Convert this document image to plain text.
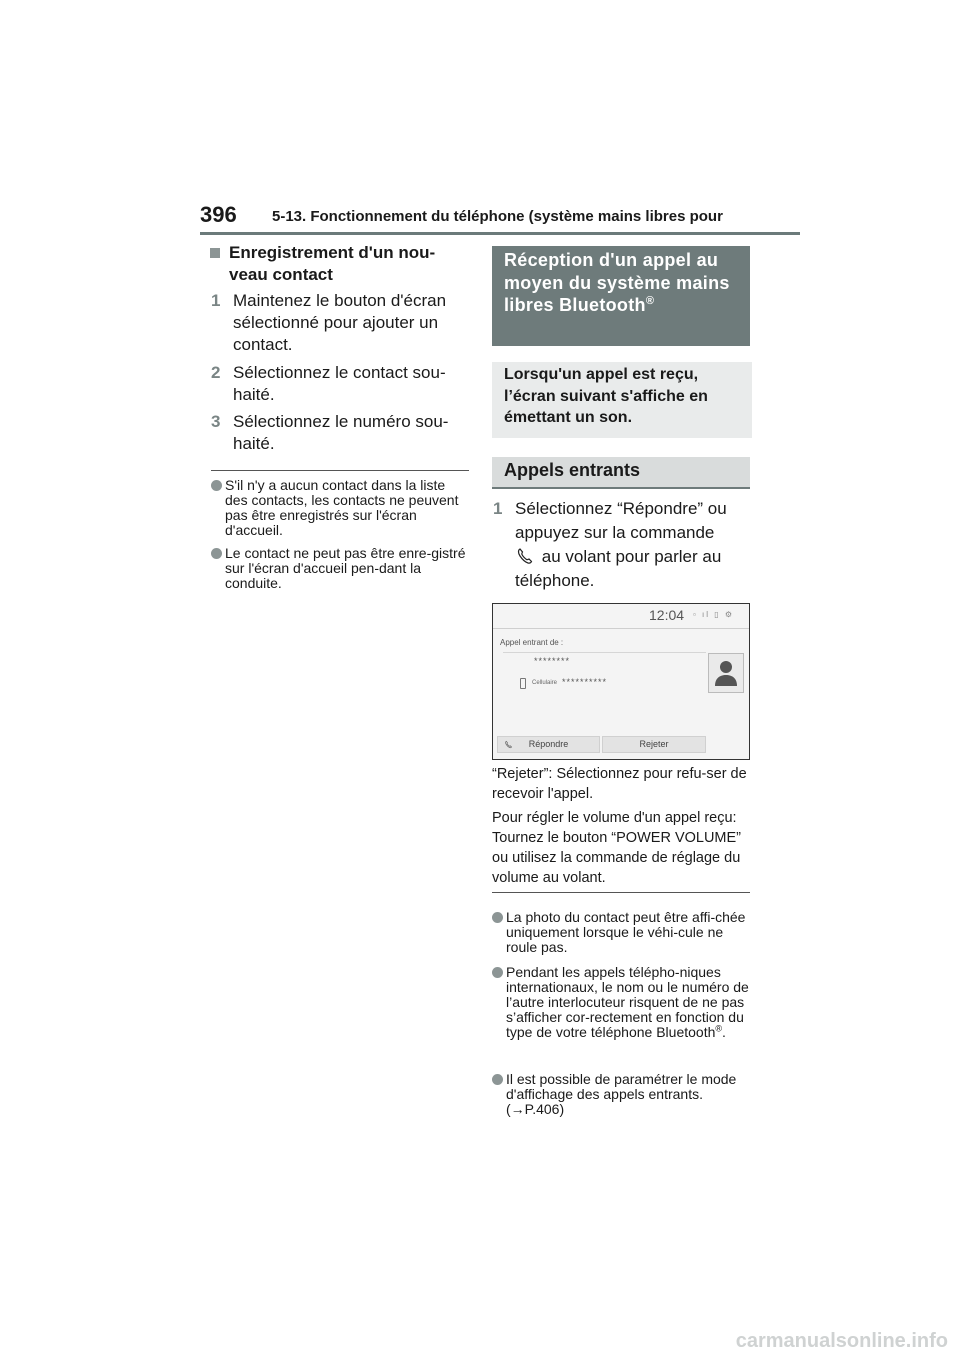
396 5-13. Fonctionnement du téléphone (système mains libres pour
Enregistrement d'un nou-
veau contact
1 Maintenez le bouton d'écran sélectionné pour ajouter un contact.
2 Sélectionnez le contact sou-haité.
3 Sélectionnez le numéro sou-haité.
S'il n'y a aucun contact dans la liste des contacts, les contacts ne peuvent pas être enregistrés sur l'écran d'accueil.
Le contact ne peut pas être enre-gistré sur l'écran d'accueil pen-dant la conduite.
Réception d'un appel au moyen du système mains libres Bluetooth®
Lorsqu'un appel est reçu, l’écran suivant s'affiche en émettant un son.
Appels entrants
1 Sélectionnez “Répondre” ou appuyez sur la commande
au volant pour parler au téléphone.
12:04 ▫ ıl ▯ ⚙
Appel entrant de :
********
Cellulaire **********
Répondre	Rejeter
“Rejeter”: Sélectionnez pour refu-ser de recevoir l'appel.
Pour régler le volume d'un appel reçu: Tournez le bouton “POWER VOLUME” ou utilisez la commande de réglage du volume au volant.
La photo du contact peut être affi-chée uniquement lorsque le véhi-cule ne roule pas.
Pendant les appels télépho-niques internationaux, le nom ou le numéro de l’autre interlocuteur risquent de ne pas s’afficher cor-rectement en fonction du type de votre téléphone Bluetooth®.
Il est possible de paramétrer le mode d'affichage des appels entrants. (→P.406)
carmanualsonline.info
